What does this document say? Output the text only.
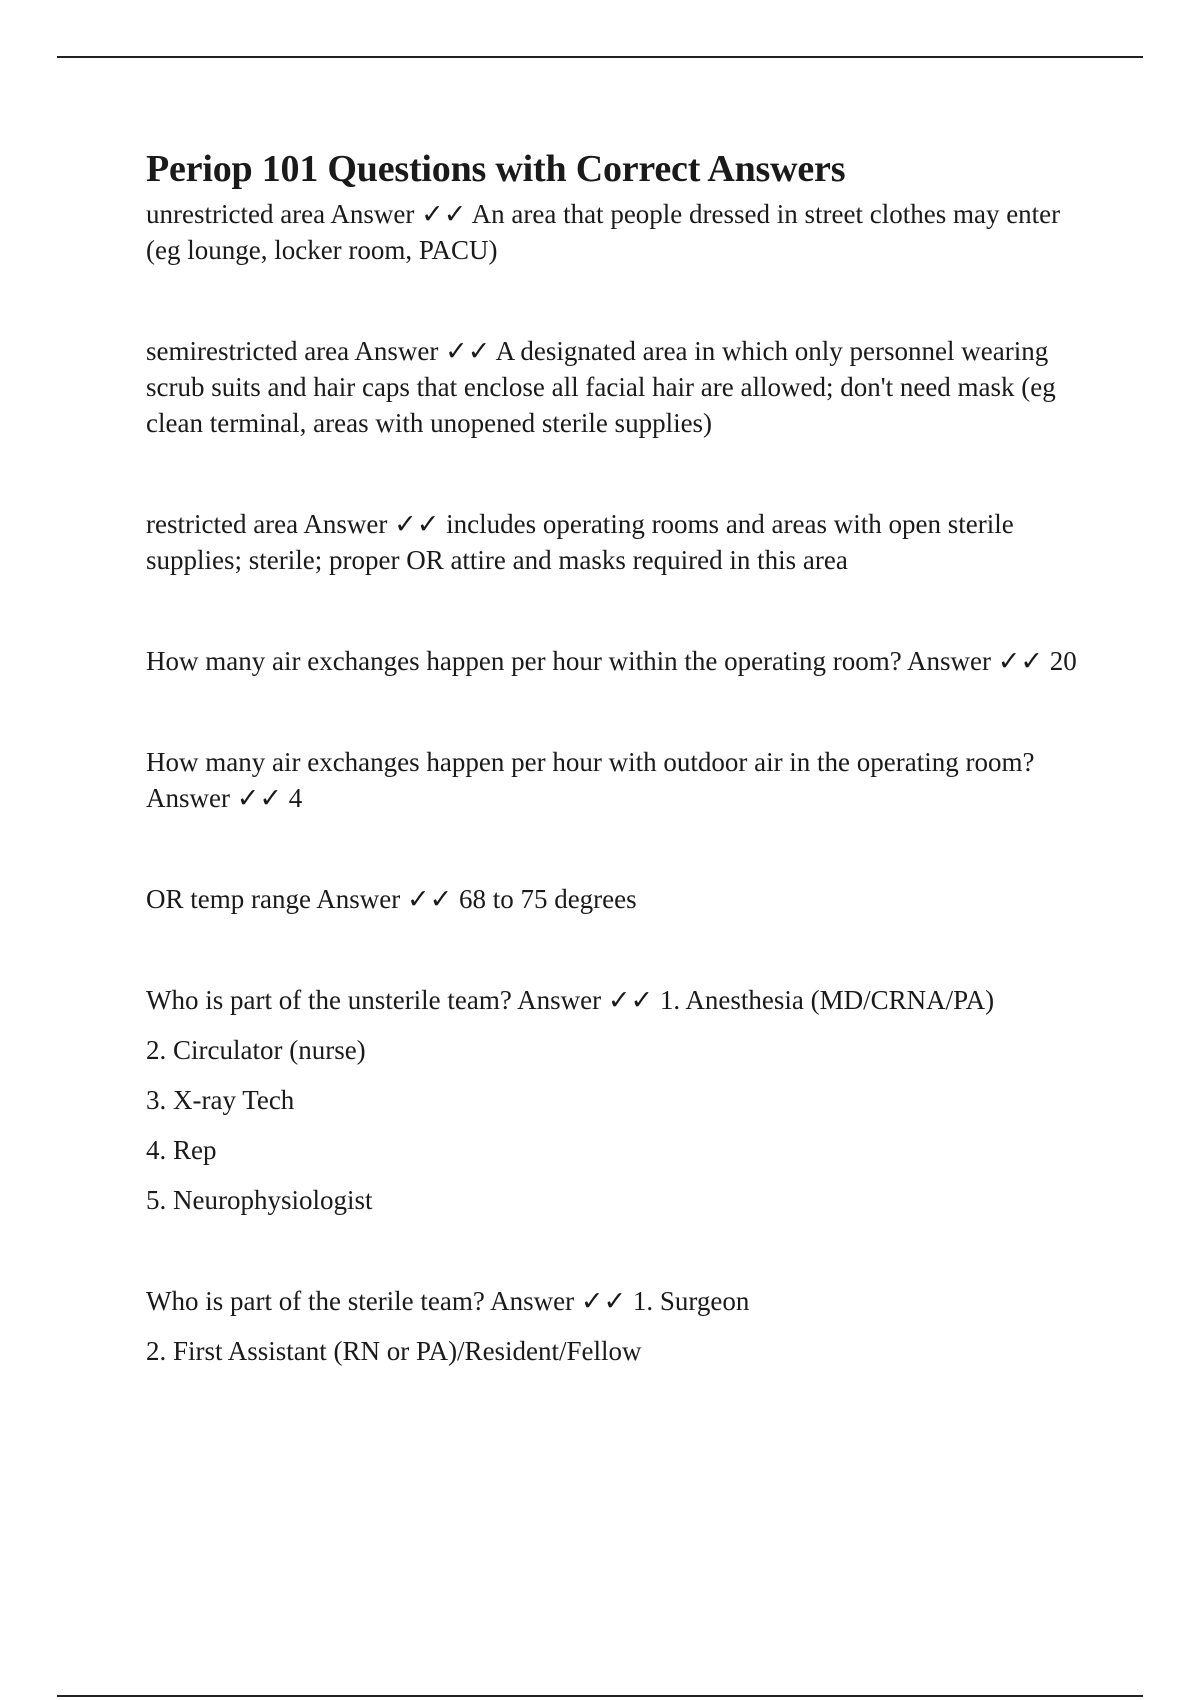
Periop 101 Questions with Correct Answers

unrestricted area Answer ✓✓ An area that people dressed in street clothes may enter (eg lounge, locker room, PACU)

semirestricted area Answer ✓✓ A designated area in which only personnel wearing scrub suits and hair caps that enclose all facial hair are allowed; don't need mask (eg clean terminal, areas with unopened sterile supplies)

restricted area Answer ✓✓ includes operating rooms and areas with open sterile supplies; sterile; proper OR attire and masks required in this area

How many air exchanges happen per hour within the operating room? Answer ✓✓ 20

How many air exchanges happen per hour with outdoor air in the operating room? Answer ✓✓ 4

OR temp range Answer ✓✓ 68 to 75 degrees

Who is part of the unsterile team? Answer ✓✓ 1. Anesthesia (MD/CRNA/PA)

2. Circulator (nurse)

3. X-ray Tech

4. Rep

5. Neurophysiologist

Who is part of the sterile team? Answer ✓✓ 1. Surgeon

2. First Assistant (RN or PA)/Resident/Fellow
